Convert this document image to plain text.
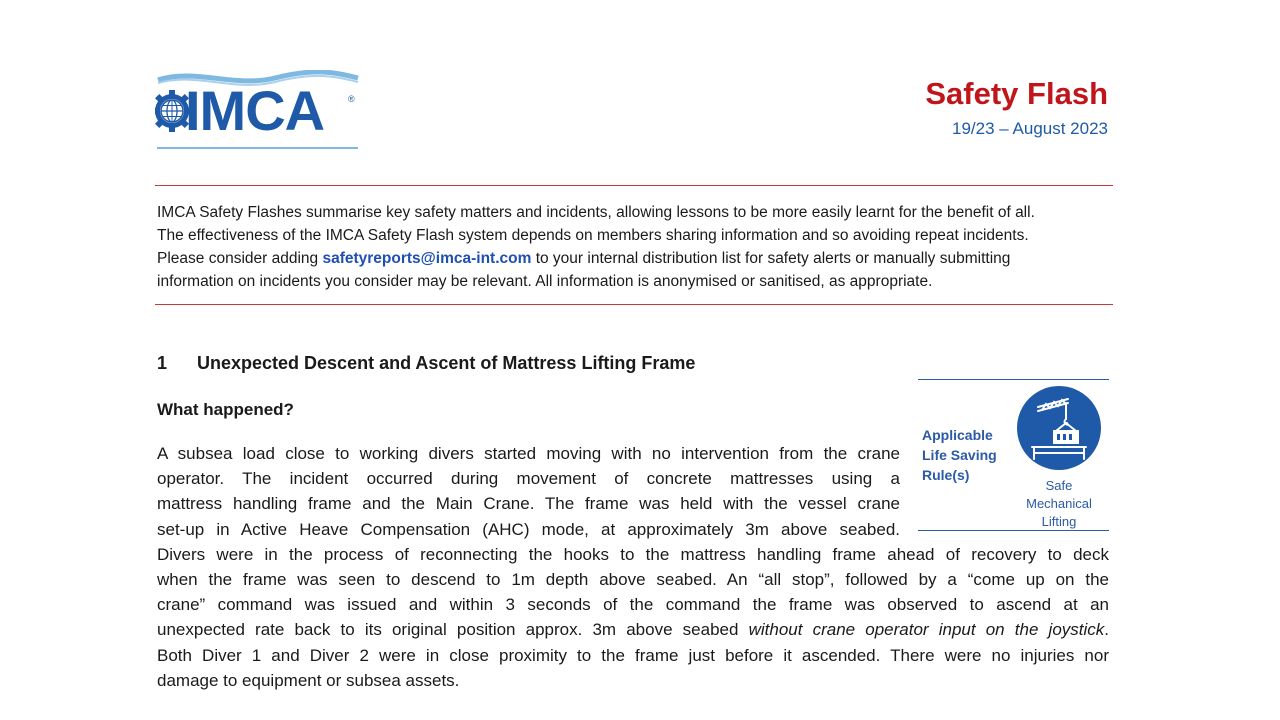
IMCA	®	Safety Flash
19/23 – August 2023
IMCA Safety Flashes summarise key safety matters and incidents, allowing lessons to be more easily learnt for the benefit of all.
The effectiveness of the IMCA Safety Flash system depends on members sharing information and so avoiding repeat incidents.
Please consider adding safetyreports@imca-int.com to your internal distribution list for safety alerts or manually submitting
information on incidents you consider may be relevant. All information is anonymised or sanitised, as appropriate.
1 Unexpected Descent and Ascent of Mattress Lifting Frame
What happened?
A subsea load close to working divers started moving with no intervention from the crane
operator. The incident occurred during movement of concrete mattresses using a
mattress handling frame and the Main Crane. The frame was held with the vessel crane
set-up in Active Heave Compensation (AHC) mode, at approximately 3m above seabed.
Divers were in the process of reconnecting the hooks to the mattress handling frame ahead of recovery to deck
when the frame was seen to descend to 1m depth above seabed. An “all stop”, followed by a “come up on the
crane” command was issued and within 3 seconds of the command the frame was observed to ascend at an
unexpected rate back to its original position approx. 3m above seabed without crane operator input on the joystick.
Both Diver 1 and Diver 2 were in close proximity to the frame just before it ascended. There were no injuries nor
damage to equipment or subsea assets.
Applicable
Life Saving
Rule(s)
Safe
Mechanical
Lifting
